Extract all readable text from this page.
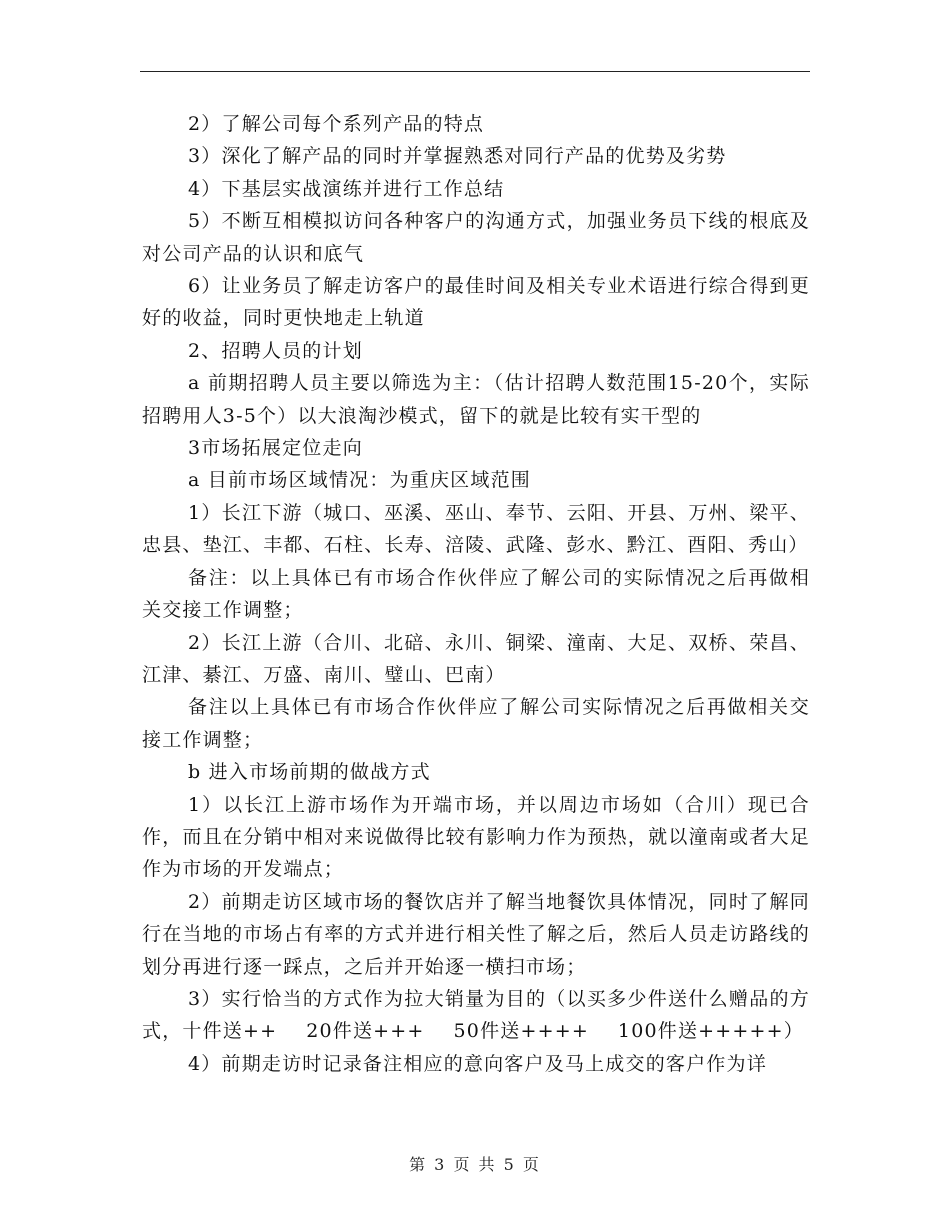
2）了解公司每个系列产品的特点

3）深化了解产品的同时并掌握熟悉对同行产品的优势及劣势

4）下基层实战演练并进行工作总结

5）不断互相模拟访问各种客户的沟通方式，加强业务员下线的根底及对公司产品的认识和底气

6）让业务员了解走访客户的最佳时间及相关专业术语进行综合得到更好的收益，同时更快地走上轨道

2、招聘人员的计划

a 前期招聘人员主要以筛选为主：（估计招聘人数范围15-20个，实际招聘用人3-5个）以大浪淘沙模式，留下的就是比较有实干型的

3市场拓展定位走向

a 目前市场区域情况：为重庆区域范围

1）长江下游（城口、巫溪、巫山、奉节、云阳、开县、万州、梁平、忠县、垫江、丰都、石柱、长寿、涪陵、武隆、彭水、黔江、酉阳、秀山）

备注：以上具体已有市场合作伙伴应了解公司的实际情况之后再做相关交接工作调整；

2）长江上游（合川、北碚、永川、铜梁、潼南、大足、双桥、荣昌、江津、綦江、万盛、南川、璧山、巴南）

备注以上具体已有市场合作伙伴应了解公司实际情况之后再做相关交接工作调整；

b 进入市场前期的做战方式

1）以长江上游市场作为开端市场，并以周边市场如（合川）现已合作，而且在分销中相对来说做得比较有影响力作为预热，就以潼南或者大足作为市场的开发端点；

2）前期走访区域市场的餐饮店并了解当地餐饮具体情况，同时了解同行在当地的市场占有率的方式并进行相关性了解之后，然后人员走访路线的划分再进行逐一踩点，之后并开始逐一横扫市场；

3）实行恰当的方式作为拉大销量为目的（以买多少件送什么赠品的方式，十件送++    20件送+++    50件送++++    100件送+++++）

4）前期走访时记录备注相应的意向客户及马上成交的客户作为详

第 3 页 共 5 页
